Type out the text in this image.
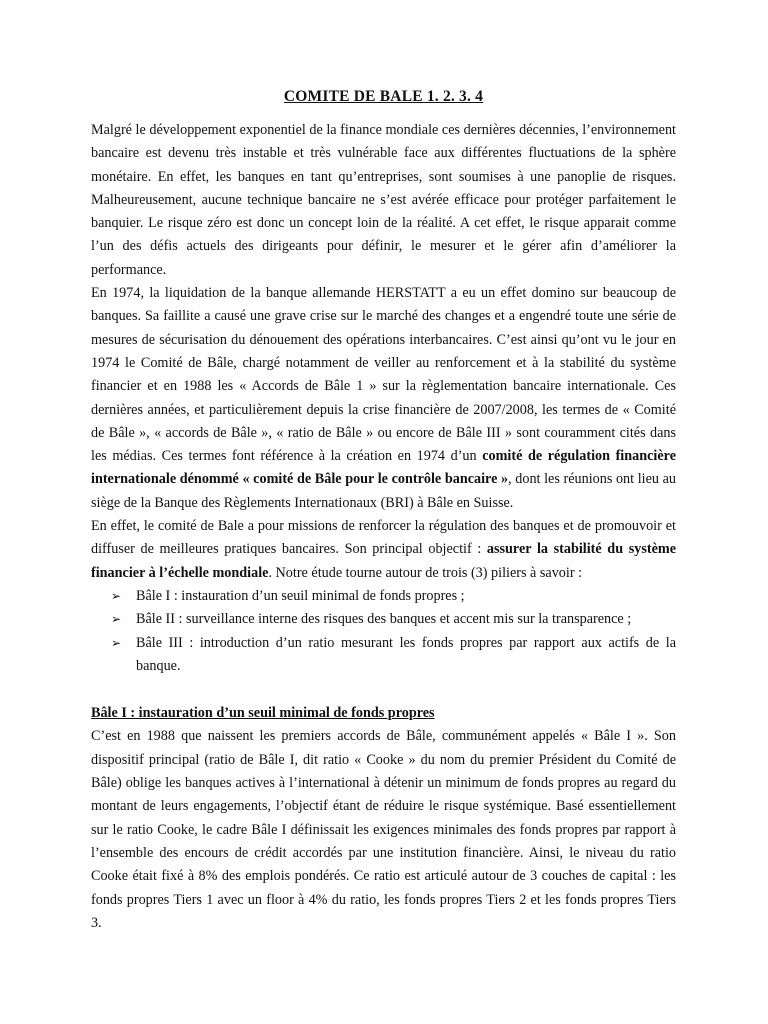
COMITE DE BALE 1. 2. 3. 4

Malgré le développement exponentiel de la finance mondiale ces dernières décennies, l’environnement bancaire est devenu très instable et très vulnérable face aux différentes fluctuations de la sphère monétaire. En effet, les banques en tant qu’entreprises, sont soumises à une panoplie de risques. Malheureusement, aucune technique bancaire ne s’est avérée efficace pour protéger parfaitement le banquier. Le risque zéro est donc un concept loin de la réalité. A cet effet, le risque apparait comme l’un des défis actuels des dirigeants pour définir, le mesurer et le gérer afin d’améliorer la performance.

En 1974, la liquidation de la banque allemande HERSTATT a eu un effet domino sur beaucoup de banques. Sa faillite a causé une grave crise sur le marché des changes et a engendré toute une série de mesures de sécurisation du dénouement des opérations interbancaires. C’est ainsi qu’ont vu le jour en 1974 le Comité de Bâle, chargé notamment de veiller au renforcement et à la stabilité du système financier et en 1988 les « Accords de Bâle 1 » sur la règlementation bancaire internationale. Ces dernières années, et particulièrement depuis la crise financière de 2007/2008, les termes de « Comité de Bâle », « accords de Bâle », « ratio de Bâle » ou encore de Bâle III » sont couramment cités dans les médias. Ces termes font référence à la création en 1974 d’un comité de régulation financière internationale dénommé « comité de Bâle pour le contrôle bancaire », dont les réunions ont lieu au siège de la Banque des Règlements Internationaux (BRI) à Bâle en Suisse.

En effet, le comité de Bale a pour missions de renforcer la régulation des banques et de promouvoir et diffuser de meilleures pratiques bancaires. Son principal objectif : assurer la stabilité du système financier à l’échelle mondiale. Notre étude tourne autour de trois (3) piliers à savoir :

➢ Bâle I : instauration d’un seuil minimal de fonds propres ;
➢ Bâle II : surveillance interne des risques des banques et accent mis sur la transparence ;
➢ Bâle III : introduction d’un ratio mesurant les fonds propres par rapport aux actifs de la banque.
Bâle I : instauration d’un seuil minimal de fonds propres

C’est en 1988 que naissent les premiers accords de Bâle, communément appelés « Bâle I ». Son dispositif principal (ratio de Bâle I, dit ratio « Cooke » du nom du premier Président du Comité de Bâle) oblige les banques actives à l’international à détenir un minimum de fonds propres au regard du montant de leurs engagements, l’objectif étant de réduire le risque systémique. Basé essentiellement sur le ratio Cooke, le cadre Bâle I définissait les exigences minimales des fonds propres par rapport à l’ensemble des encours de crédit accordés par une institution financière. Ainsi, le niveau du ratio Cooke était fixé à 8% des emplois pondérés. Ce ratio est articulé autour de 3 couches de capital : les fonds propres Tiers 1 avec un floor à 4% du ratio, les fonds propres Tiers 2 et les fonds propres Tiers 3.
